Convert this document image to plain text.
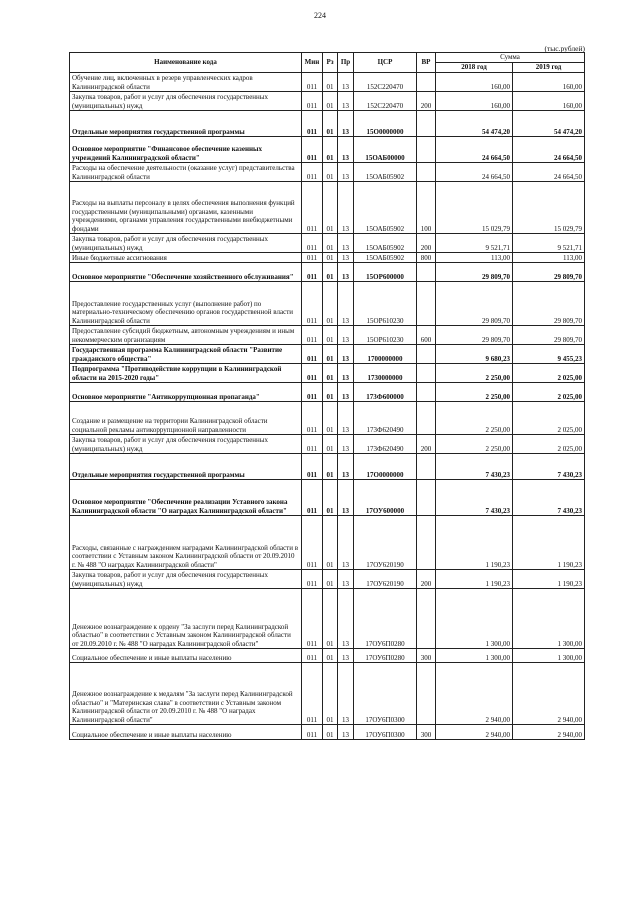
224
(тыс.рублей)
Наименование кода	Мин	Рз	Пр	ЦСР	ВР	Сумма	
						2018 год	2019 год
Обучение лиц, включенных в резерв управленческих кадров Калининградской области	011	01	13	152С220470		160,00	160,00
Закупка товаров, работ и услуг для обеспечения государственных (муниципальных) нужд	011	01	13	152С220470	200	160,00	160,00
Отдельные мероприятия государственной программы	011	01	13	15О0000000		54 474,20	54 474,20
Основное мероприятие "Финансовое обеспечение казенных учреждений Калининградской области"	011	01	13	15ОАБ00000		24 664,50	24 664,50
Расходы на обеспечение деятельности (оказание услуг) представительства Калининградской области	011	01	13	15ОАБ05902		24 664,50	24 664,50
Расходы на выплаты персоналу в целях обеспечения выполнения функций государственными (муниципальными) органами, казенными учреждениями, органами управления государственными внебюджетными фондами	011	01	13	15ОАБ05902	100	15 029,79	15 029,79
Закупка товаров, работ и услуг для обеспечения государственных (муниципальных) нужд	011	01	13	15ОАБ05902	200	9 521,71	9 521,71
Иные бюджетные ассигнования	011	01	13	15ОАБ05902	800	113,00	113,00
Основное мероприятие "Обеспечение хозяйственного обслуживания"	011	01	13	15ОР600000		29 809,70	29 809,70
Предоставление государственных услуг (выполнение работ) по материально-техническому обеспечению органов государственной власти Калининградской области	011	01	13	15ОР610230		29 809,70	29 809,70
Предоставление субсидий бюджетным, автономным учреждениям и иным некоммерческим организациям	011	01	13	15ОР610230	600	29 809,70	29 809,70
Государственная программа Калининградской области "Развитие гражданского общества"	011	01	13	1700000000		9 680,23	9 455,23
Подпрограмма "Противодействие коррупции в Калининградской области на 2015-2020 годы"	011	01	13	1730000000		2 250,00	2 025,00
Основное мероприятие "Антикоррупционная пропаганда"	011	01	13	173Ф600000		2 250,00	2 025,00
Создание и размещение на территории Калининградской области социальной рекламы антикоррупционной направленности	011	01	13	173Ф620490		2 250,00	2 025,00
Закупка товаров, работ и услуг для обеспечения государственных (муниципальных) нужд	011	01	13	173Ф620490	200	2 250,00	2 025,00
Отдельные мероприятия государственной программы	011	01	13	17О0000000		7 430,23	7 430,23
Основное мероприятие "Обеспечение реализации Уставного закона Калининградской области "О наградах Калининградской области"	011	01	13	17ОУ600000		7 430,23	7 430,23
Расходы, связанные с награждением наградами Калининградской области в соответствии с Уставным законом Калининградской области от 20.09.2010 г. № 488 "О наградах Калининградской области"	011	01	13	17ОУ620190		1 190,23	1 190,23
Закупка товаров, работ и услуг для обеспечения государственных (муниципальных) нужд	011	01	13	17ОУ620190	200	1 190,23	1 190,23
Денежное вознаграждение к ордену "За заслуги перед Калининградской областью" в соответствии с Уставным законом Калининградской области от 20.09.2010 г. № 488 "О наградах Калининградской области"	011	01	13	17ОУ6П0280		1 300,00	1 300,00
Социальное обеспечение и иные выплаты населению	011	01	13	17ОУ6П0280	300	1 300,00	1 300,00
Денежное вознаграждение к медалям "За заслуги перед Калининградской областью" и "Материнская слава" в соответствии с Уставным законом Калининградской области от 20.09.2010 г. № 488 "О наградах Калининградской области"	011	01	13	17ОУ6П0300		2 940,00	2 940,00
Социальное обеспечение и иные выплаты населению	011	01	13	17ОУ6П0300	300	2 940,00	2 940,00
